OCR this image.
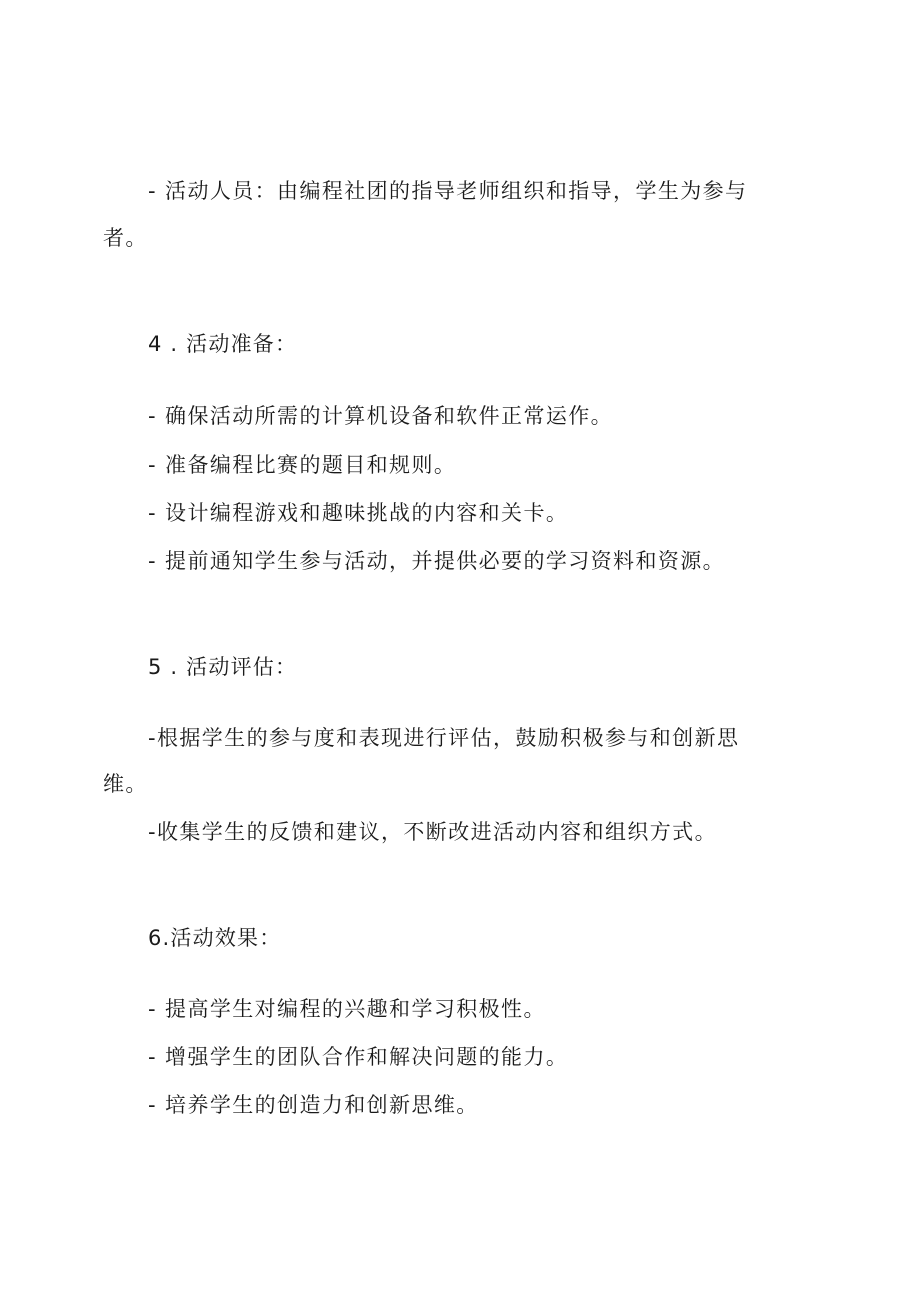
- 活动人员：由编程社团的指导老师组织和指导，学生为参与
者。
4 . 活动准备：
- 确保活动所需的计算机设备和软件正常运作。
- 准备编程比赛的题目和规则。
- 设计编程游戏和趣味挑战的内容和关卡。
- 提前通知学生参与活动，并提供必要的学习资料和资源。
5 . 活动评估：
-根据学生的参与度和表现进行评估，鼓励积极参与和创新思
维。
-收集学生的反馈和建议，不断改进活动内容和组织方式。
6.活动效果：
- 提高学生对编程的兴趣和学习积极性。
- 增强学生的团队合作和解决问题的能力。
- 培养学生的创造力和创新思维。
